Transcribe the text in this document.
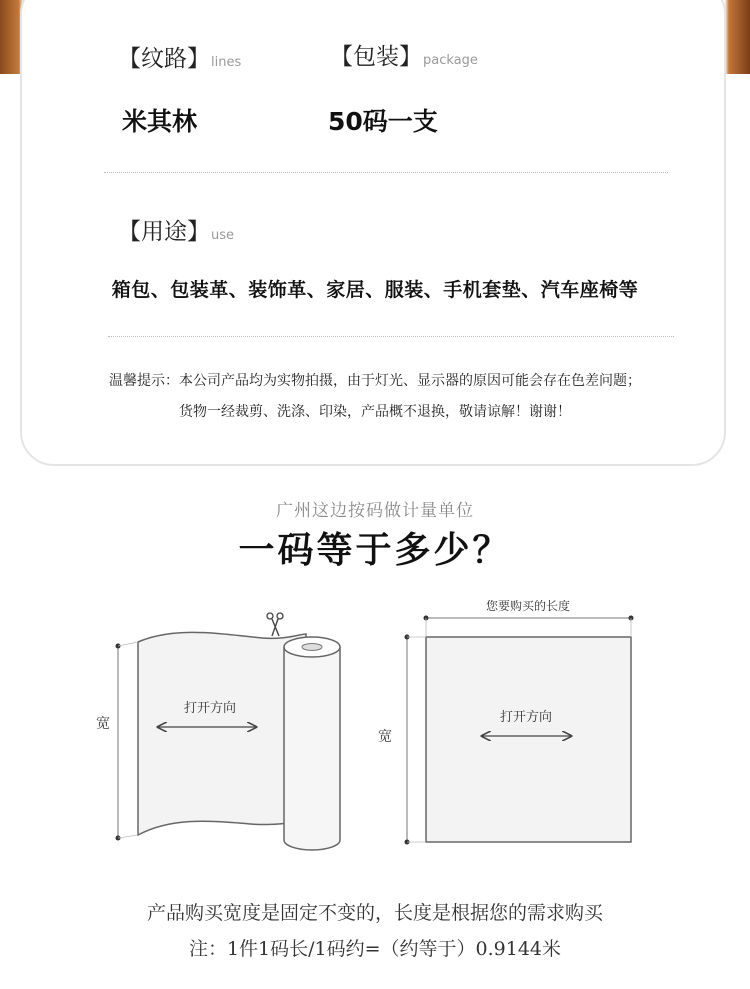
【纹路】lines	【包装】package
米其林	50码一支
【用途】use
箱包、包装革、装饰革、家居、服装、手机套垫、汽车座椅等
温馨提示：本公司产品均为实物拍摄，由于灯光、显示器的原因可能会存在色差问题；
货物一经裁剪、洗涤、印染，产品概不退换，敬请谅解！谢谢！
广州这边按码做计量单位
一码等于多少？
宽
打开方向
您要购买的长度
宽
打开方向
产品购买宽度是固定不变的，长度是根据您的需求购买
注：1件1码长/1码约=（约等于）0.9144米
